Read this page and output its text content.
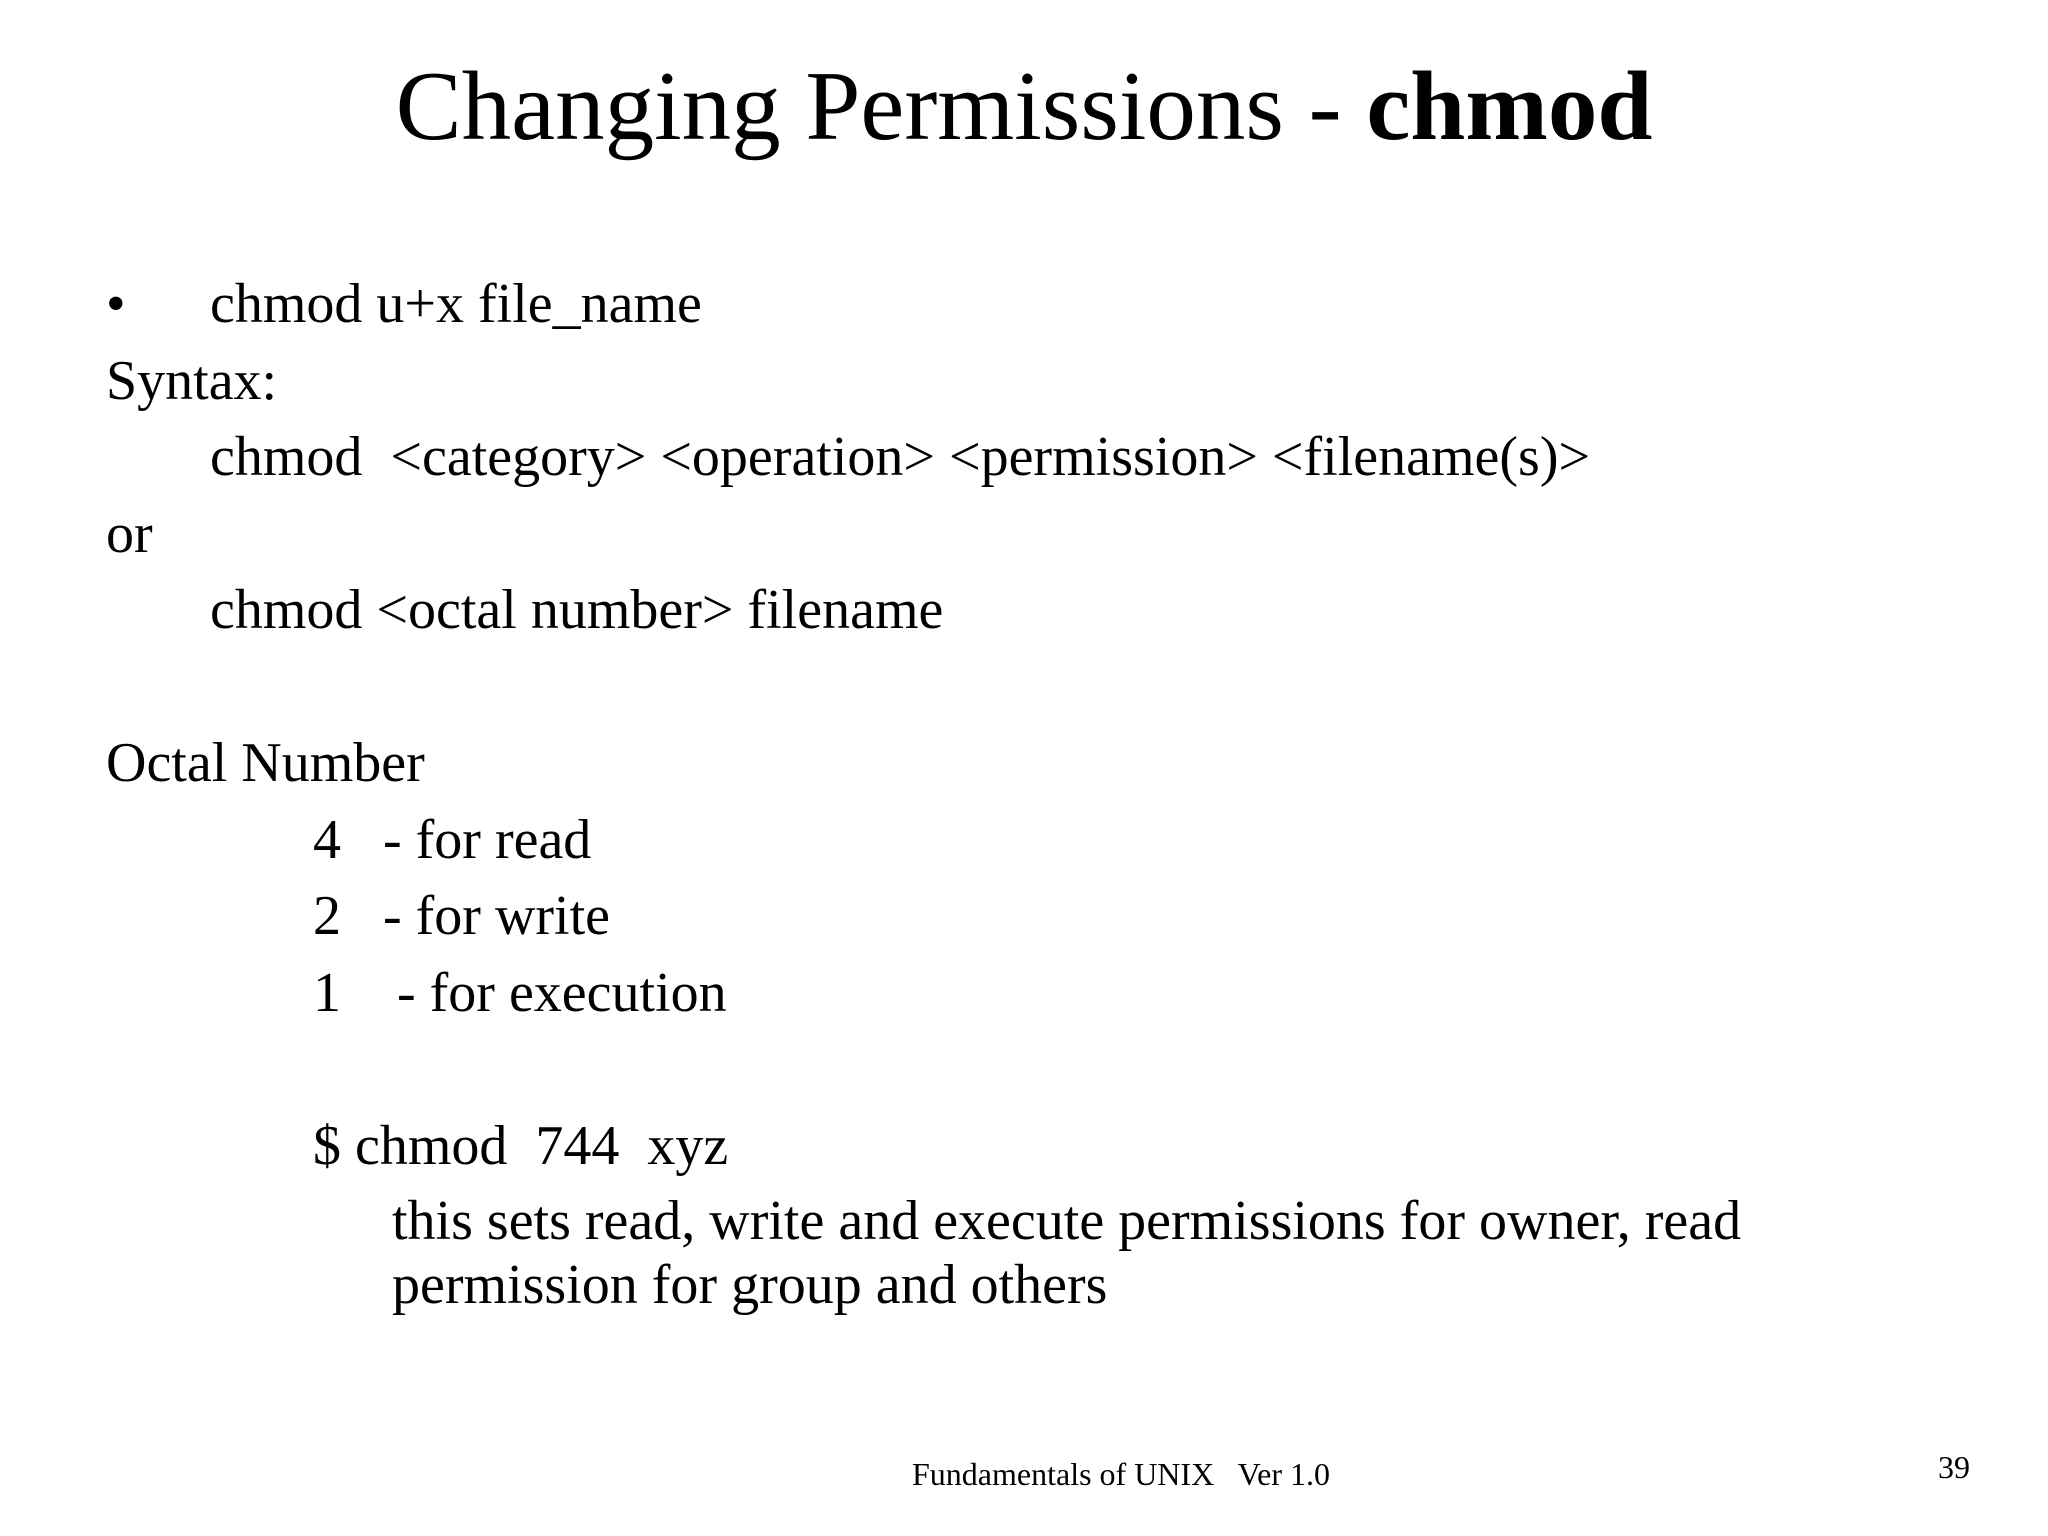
Changing Permissions - chmod
• chmod u+x file_name
Syntax:
chmod  <category> <operation> <permission> <filename(s)>
or
chmod <octal number> filename
Octal Number
4   - for read
2   - for write
1    - for execution
$ chmod  744  xyz
this sets read, write and execute permissions for owner, read
permission for group and others
Fundamentals of UNIX   Ver 1.0	39
